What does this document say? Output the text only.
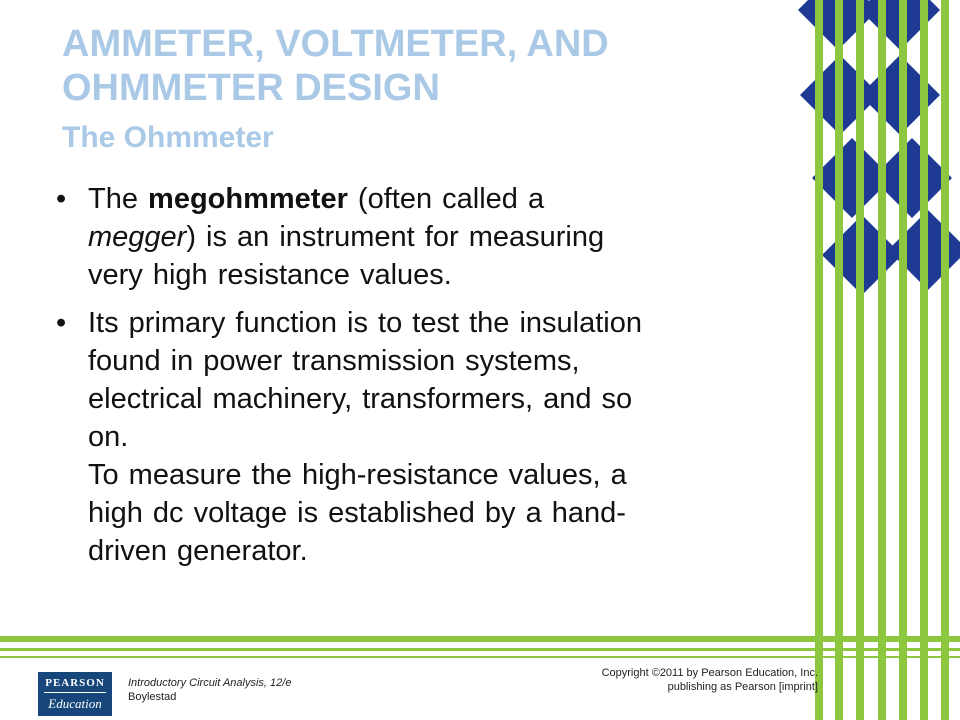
AMMETER, VOLTMETER, AND OHMMETER DESIGN
The Ohmmeter
• The megohmmeter (often called a
megger) is an instrument for measuring
very high resistance values.
• Its primary function is to test the insulation
found in power transmission systems,
electrical machinery, transformers, and so
on.
To measure the high-resistance values, a
high dc voltage is established by a hand-
driven generator.
PEARSON
Education
Introductory Circuit Analysis, 12/e
Boylestad
Copyright ©2011 by Pearson Education, Inc.
publishing as Pearson [imprint]
